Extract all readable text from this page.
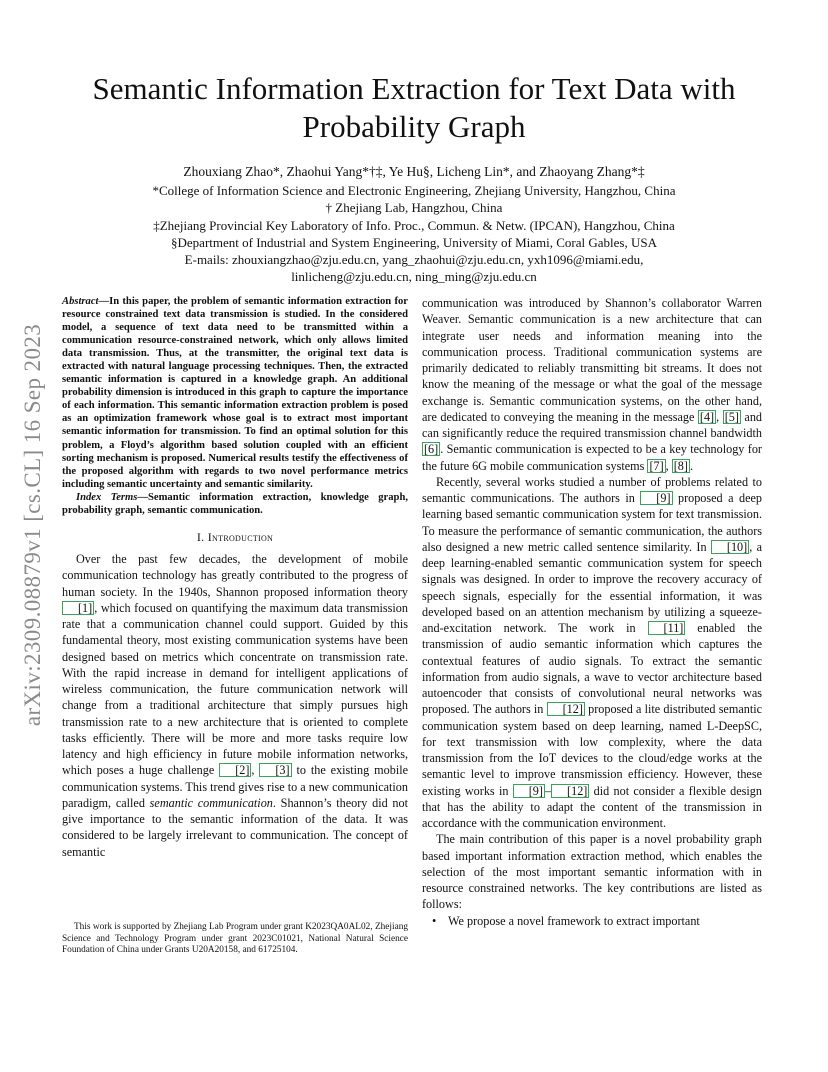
arXiv:2309.08879v1 [cs.CL] 16 Sep 2023
Semantic Information Extraction for Text Data with Probability Graph
Zhouxiang Zhao*, Zhaohui Yang*†‡, Ye Hu§, Licheng Lin*, and Zhaoyang Zhang*‡
*College of Information Science and Electronic Engineering, Zhejiang University, Hangzhou, China
† Zhejiang Lab, Hangzhou, China
‡Zhejiang Provincial Key Laboratory of Info. Proc., Commun. & Netw. (IPCAN), Hangzhou, China
§Department of Industrial and System Engineering, University of Miami, Coral Gables, USA
E-mails: zhouxiangzhao@zju.edu.cn, yang_zhaohui@zju.edu.cn, yxh1096@miami.edu,
linlicheng@zju.edu.cn, ning_ming@zju.edu.cn

Abstract—In this paper, the problem of semantic information extraction for resource constrained text data transmission is studied. In the considered model, a sequence of text data need to be transmitted within a communication resource-constrained network, which only allows limited data transmission. Thus, at the transmitter, the original text data is extracted with natural language processing techniques. Then, the extracted semantic information is captured in a knowledge graph. An additional probability dimension is introduced in this graph to capture the importance of each information. This semantic information extraction problem is posed as an optimization framework whose goal is to extract most important semantic information for transmission. To find an optimal solution for this problem, a Floyd’s algorithm based solution coupled with an efficient sorting mechanism is proposed. Numerical results testify the effectiveness of the proposed algorithm with regards to two novel performance metrics including semantic uncertainty and semantic similarity.

Index Terms—Semantic information extraction, knowledge graph, probability graph, semantic communication.

I. Introduction

Over the past few decades, the development of mobile communication technology has greatly contributed to the progress of human society. In the 1940s, Shannon proposed information theory [1] , which focused on quantifying the maximum data transmission rate that a communication channel could support. Guided by this fundamental theory, most existing communication systems have been designed based on metrics which concentrate on transmission rate. With the rapid increase in demand for intelligent applications of wireless communication, the future communication network will change from a traditional architecture that simply pursues high transmission rate to a new architecture that is oriented to complete tasks efficiently. There will be more and more tasks require low latency and high efficiency in future mobile information networks, which poses a huge challenge [2] , [3] to the existing mobile communication systems. This trend gives rise to a new communication paradigm, called semantic communication. Shannon’s theory did not give importance to the semantic information of the data. It was considered to be largely irrelevant to communication. The concept of semantic

This work is supported by Zhejiang Lab Program under grant K2023QA0AL02, Zhejiang Science and Technology Program under grant 2023C01021, National Natural Science Foundation of China under Grants U20A20158, and 61725104.

communication was introduced by Shannon’s collaborator Warren Weaver. Semantic communication is a new architecture that can integrate user needs and information meaning into the communication process. Traditional communication systems are primarily dedicated to reliably transmitting bit streams. It does not know the meaning of the message or what the goal of the message exchange is. Semantic communication systems, on the other hand, are dedicated to conveying the meaning in the message [4] , [5] and can significantly reduce the required transmission channel bandwidth [6] . Semantic communication is expected to be a key technology for the future 6G mobile communication systems [7] , [8] .

Recently, several works studied a number of problems related to semantic communications. The authors in [9] proposed a deep learning based semantic communication system for text transmission. To measure the performance of semantic communication, the authors also designed a new metric called sentence similarity. In [10] , a deep learning-enabled semantic communication system for speech signals was designed. In order to improve the recovery accuracy of speech signals, especially for the essential information, it was developed based on an attention mechanism by utilizing a squeeze-and-excitation network. The work in [11] enabled the transmission of audio semantic information which captures the contextual features of audio signals. To extract the semantic information from audio signals, a wave to vector architecture based autoencoder that consists of convolutional neural networks was proposed. The authors in [12] proposed a lite distributed semantic communication system based on deep learning, named L-DeepSC, for text transmission with low complexity, where the data transmission from the IoT devices to the cloud/edge works at the semantic level to improve transmission efficiency. However, these existing works in [9] – [12] did not consider a flexible design that has the ability to adapt the content of the transmission in accordance with the communication environment.

The main contribution of this paper is a novel probability graph based important information extraction method, which enables the selection of the most important semantic information with in resource constrained networks. The key contributions are listed as follows:

• We propose a novel framework to extract important
